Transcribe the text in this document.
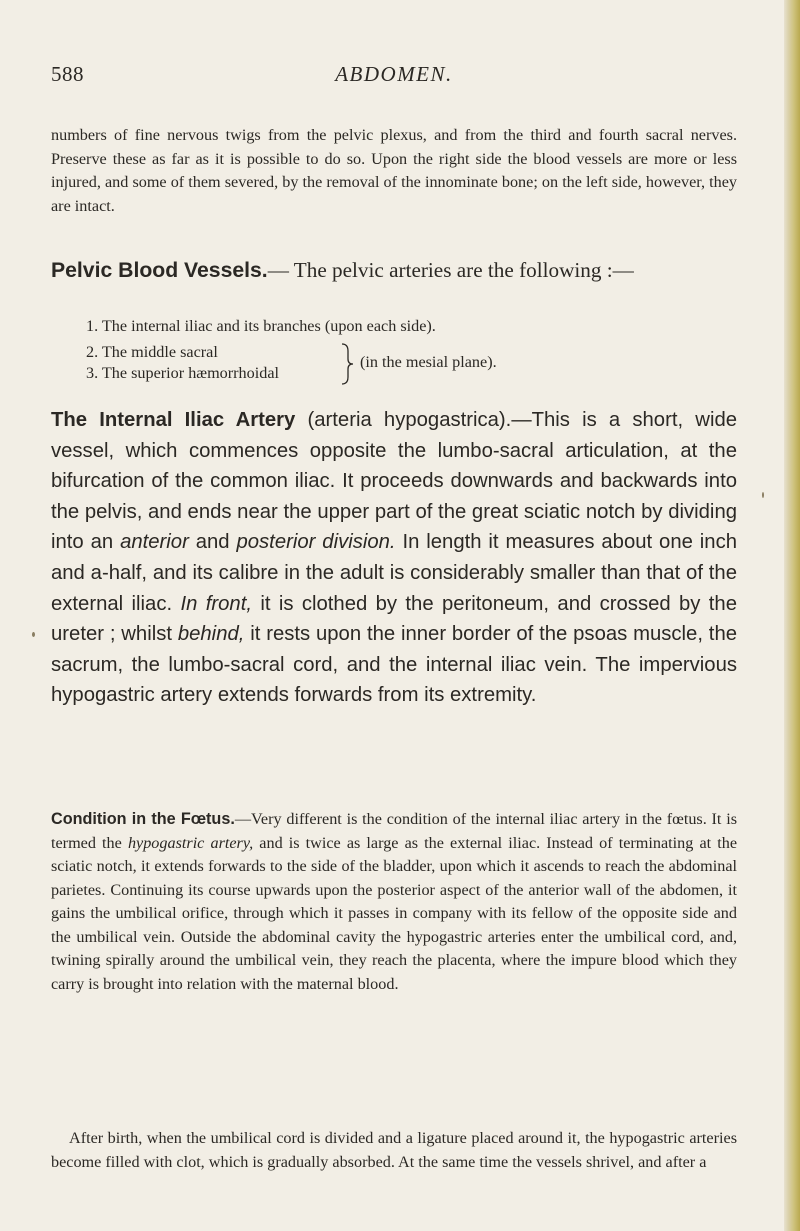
588	ABDOMEN.

numbers of fine nervous twigs from the pelvic plexus, and from the third and fourth sacral nerves. Preserve these as far as it is possible to do so. Upon the right side the blood vessels are more or less injured, and some of them severed, by the removal of the innominate bone; on the left side, however, they are intact.

Pelvic Blood Vessels.— The pelvic arteries are the following :—

1. The internal iliac and its branches (upon each side).
2. The middle sacral
3. The superior hæmorrhoidal
(in the mesial plane).

The Internal Iliac Artery (arteria hypogastrica).—This is a short, wide vessel, which commences opposite the lumbo-sacral articulation, at the bifurcation of the common iliac. It proceeds downwards and backwards into the pelvis, and ends near the upper part of the great sciatic notch by dividing into an anterior and posterior division. In length it measures about one inch and a-half, and its calibre in the adult is considerably smaller than that of the external iliac. In front, it is clothed by the peritoneum, and crossed by the ureter ; whilst behind, it rests upon the inner border of the psoas muscle, the sacrum, the lumbo-sacral cord, and the internal iliac vein. The impervious hypogastric artery extends forwards from its extremity.

Condition in the Fœtus.—Very different is the condition of the internal iliac artery in the fœtus. It is termed the hypogastric artery, and is twice as large as the external iliac. Instead of terminating at the sciatic notch, it extends forwards to the side of the bladder, upon which it ascends to reach the abdominal parietes. Continuing its course upwards upon the posterior aspect of the anterior wall of the abdomen, it gains the umbilical orifice, through which it passes in company with its fellow of the opposite side and the umbilical vein. Outside the abdominal cavity the hypogastric arteries enter the umbilical cord, and, twining spirally around the umbilical vein, they reach the placenta, where the impure blood which they carry is brought into relation with the maternal blood.

After birth, when the umbilical cord is divided and a ligature placed around it, the hypogastric arteries become filled with clot, which is gradually absorbed. At the same time the vessels shrivel, and after a
